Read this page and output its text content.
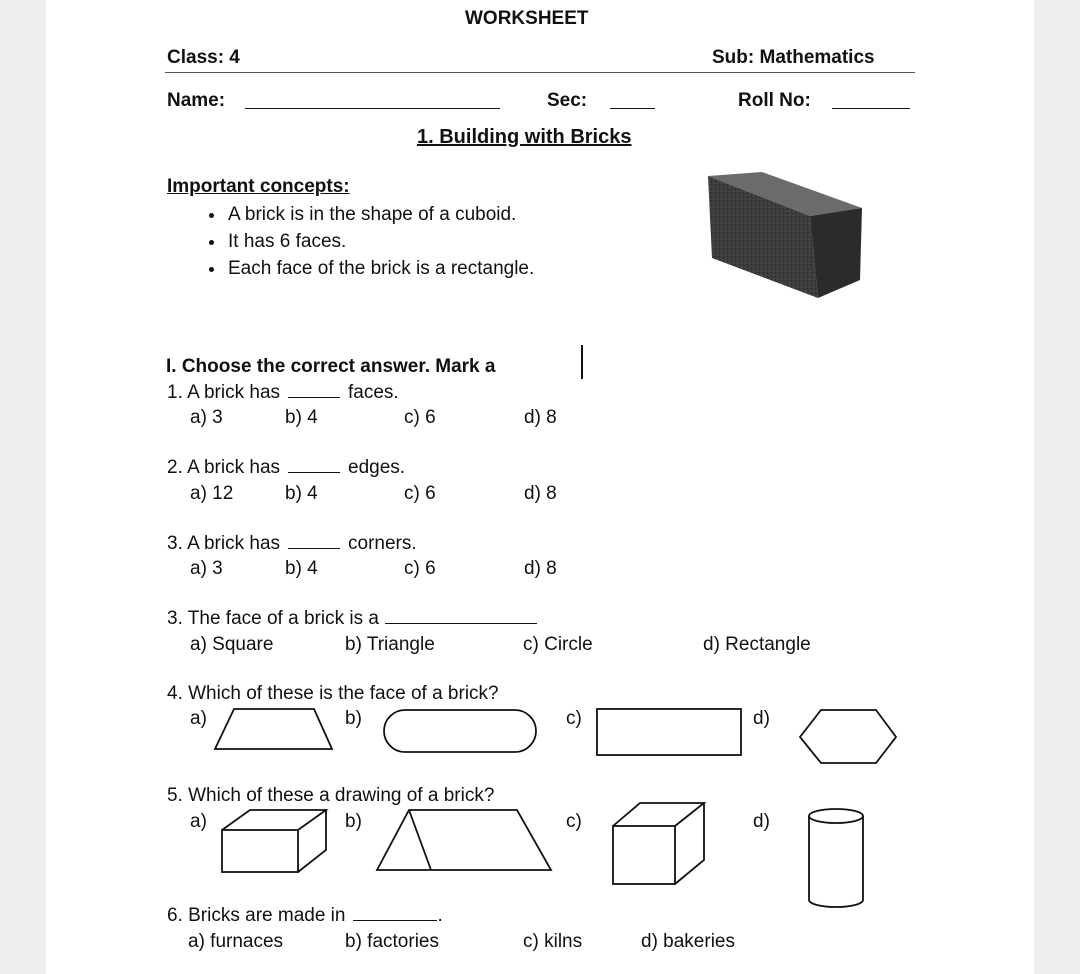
WORKSHEET
Class: 4	Sub: Mathematics
Name:	Sec:	Roll No:
1. Building with Bricks
Important concepts:
• A brick is in the shape of a cuboid.
• It has 6 faces.
• Each face of the brick is a rectangle.
I. Choose the correct answer. Mark a
1. A brick has	faces.
a) 3	b) 4	c) 6	d) 8
2. A brick has	edges.
a) 12	b) 4	c) 6	d) 8
3. A brick has	corners.
a) 3	b) 4	c) 6	d) 8
3. The face of a brick is a
a) Square	b) Triangle	c) Circle	d) Rectangle
4. Which of these is the face of a brick?
a)	b)	c)	d)
5. Which of these a drawing of a brick?
a)	b)	c)	d)
6. Bricks are made in	.
a) furnaces	b) factories	c) kilns	d) bakeries
